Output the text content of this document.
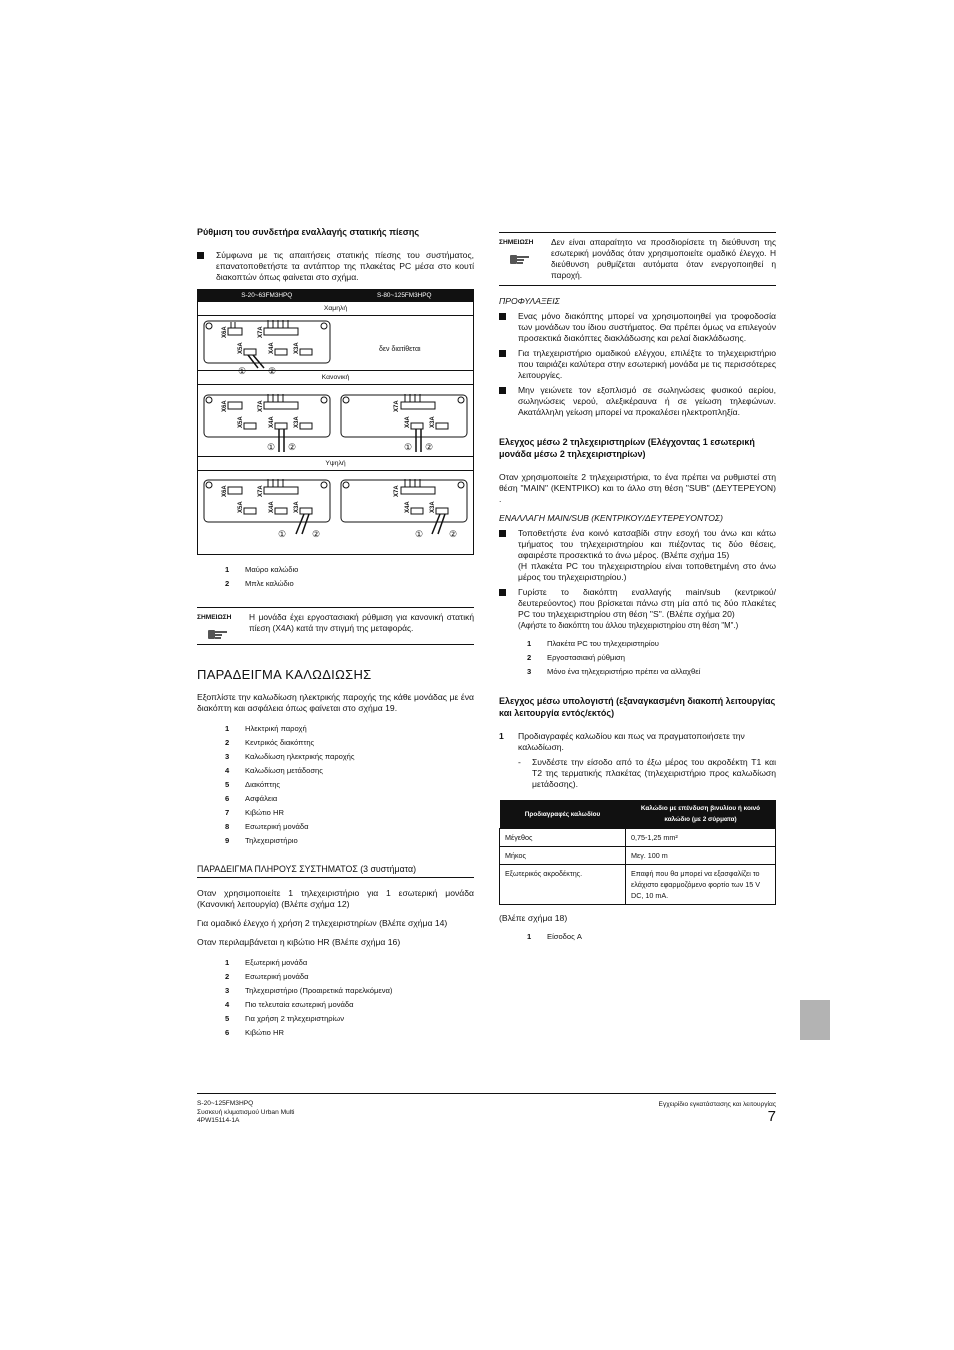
Ρύθμιση του συνδετήρα εναλλαγής στατικής πίεσης
Σύμφωνα με τις απαιτήσεις στατικής πίεσης του συστήματος, επανατοποθετήστε τα αντάπτορ της πλακέτας PC μέσα στο κουτί διακοπτών όπως φαίνεται στο σχήμα.
S-20~63FM3HPQ	S-80~125FM3HPQ
Χαμηλή
Κανονική
Υψηλή
X6A	X7A
X5A	X4A	X3A
① ②
δεν διατίθεται
X6A	X7A
X5A	X4A	X3A
① ②
X7A
X4A	X3A
① ②
X6A	X7A
X5A	X4A	X3A
①	②
X7A
X4A	X3A
①	②
1	Μαύρο καλώδιο
2	Μπλε καλώδιο
ΣΗΜΕΙΩΣΗ	Η μονάδα έχει εργοστασιακή ρύθμιση για κανονική στατική πίεση (X4A) κατά την στιγμή της μεταφοράς.
ΠΑΡΑΔΕΙΓΜΑ ΚΑΛΩΔΙΩΣΗΣ
Εξοπλίστε την καλωδίωση ηλεκτρικής παροχής της κάθε μονάδας με ένα διακόπτη και ασφάλεια όπως φαίνεται στο σχήμα 19.
1	Ηλεκτρική παροχή
2	Κεντρικός διακόπτης
3	Καλωδίωση ηλεκτρικής παροχής
4	Καλωδίωση μετάδοσης
5	Διακόπτης
6	Ασφάλεια
7	Κιβώτιο HR
8	Εσωτερική μονάδα
9	Τηλεχειριστήριο
ΠΑΡΑΔΕΙΓΜΑ ΠΛΗΡΟΥΣ ΣΥΣΤΗΜΑΤΟΣ (3 συστήματα)
Οταν χρησιμοποιείτε 1 τηλεχειριστήριο για 1 εσωτερική μονάδα (Κανονική λειτουργία) (Βλέπε σχήμα 12)
Για ομαδικό έλεγχο ή χρήση 2 τηλεχειριστηρίων (Βλέπε σχήμα 14)
Οταν περιλαμβάνεται η κιβώτιο HR (Βλέπε σχήμα 16)
1	Εξωτερική μονάδα
2	Εσωτερική μονάδα
3	Τηλεχειριστήριο (Προαιρετικά παρελκόμενα)
4	Πιο τελευταία εσωτερική μονάδα
5	Για χρήση 2 τηλεχειριστηρίων
6	Κιβώτιο HR
ΣΗΜΕΙΩΣΗ	Δεν είναι απαραίτητο να προσδιορίσετε τη διεύθυνση της εσωτερική μονάδας όταν χρησιμοποιείτε ομαδικό έλεγχο. Η διεύθυνση ρυθμίζεται αυτόματα όταν ενεργοποιηθεί η παροχή.
ΠΡΟΦΥΛΑΞΕΙΣ
Ενας μόνο διακόπτης μπορεί να χρησιμοποιηθεί για τροφοδοσία των μονάδων του ίδιου συστήματος. Θα πρέπει όμως να επιλεγούν προσεκτικά διακόπτες διακλάδωσης και ρελαί διακλάδωσης.
Για τηλεχειριστήριο ομαδικού ελέγχου, επιλέξτε το τηλεχειριστήριο που ταιριάζει καλύτερα στην εσωτερική μονάδα με τις περισσότερες λειτουργίες.
Μην γειώνετε τον εξοπλισμό σε σωληνώσεις φυσικού αερίου, σωληνώσεις νερού, αλεξικέραυνα ή σε γείωση τηλεφώνων. Ακατάλληλη γείωση μπορεί να προκαλέσει ηλεκτροπληξία.
Ελεγχος μέσω 2 τηλεχειριστηρίων (Ελέγχοντας 1 εσωτερική μονάδα μέσω 2 τηλεχειριστηρίων)
Οταν χρησιμοποιείτε 2 τηλεχειριστήρια, το ένα πρέπει να ρυθμιστεί στη θέση "MAIN" (ΚΕΝΤΡΙΚΟ) και το άλλο στη θέση "SUB" (ΔΕΥΤΕΡΕΥΟΝ) .
ΕΝΑΛΛΑΓΗ MAIN/SUB (ΚΕΝΤΡΙΚΟΥ/ΔΕΥΤΕΡΕΥΟΝΤΟΣ)
Τοποθετήστε ένα κοινό κατσαβίδι στην εσοχή του άνω και κάτω τμήματος του τηλεχειριστηρίου και πιέζοντας τις δύο θέσεις, αφαιρέστε προσεκτικά το άνω μέρος. (Βλέπε σχήμα 15)
(Η πλακέτα PC του τηλεχειριστηρίου είναι τοποθετημένη στο άνω μέρος του τηλεχειριστηρίου.)
Γυρίστε το διακόπτη εναλλαγής main/sub (κεντρικού/ δευτερεύοντος) που βρίσκεται πάνω στη μία από τις δύο πλακέτες PC του τηλεχειριστηρίου στη θέση "S". (Βλέπε σχήμα 20)
(Αφήστε το διακόπτη του άλλου τηλεχειριστηρίου στη θέση "M".)
1	Πλακέτα PC του τηλεχειριστηρίου
2	Εργοστασιακή ρύθμιση
3	Μόνο ένα τηλεχειριστήριο πρέπει να αλλαχθεί
Ελεγχος μέσω υπολογιστή (εξαναγκασμένη διακοπή λειτουργίας και λειτουργία εντός/εκτός)
1	Προδιαγραφές καλωδίου και πως να πραγματοποιήσετε την καλωδίωση.
-	Συνδέστε την είσοδο από το έξω μέρος του ακροδέκτη T1 και T2 της τερματικής πλακέτας (τηλεχειριστήριο προς καλωδίωση μετάδοσης).
Προδιαγραφές καλωδίου	Καλώδιο με επένδυση βινυλίου ή κοινό καλώδιο (με 2 σύρματα)
Μέγεθος	0,75-1,25 mm²
Μήκος	Μεγ. 100 m
Εξωτερικός ακροδέκτης.	Επαφή που θα μπορεί να εξασφαλίζει το ελάχιστο εφαρμοζόμενο φορτίο των 15 V DC, 10 mA.
(Βλέπε σχήμα 18)
1	Είσοδος A
S-20~125FM3HPQ
Συσκευή κλιματισμού Urban Multi
4PW15114-1A
Εγχειρίδιο εγκατάστασης και λειτουργίας
7
